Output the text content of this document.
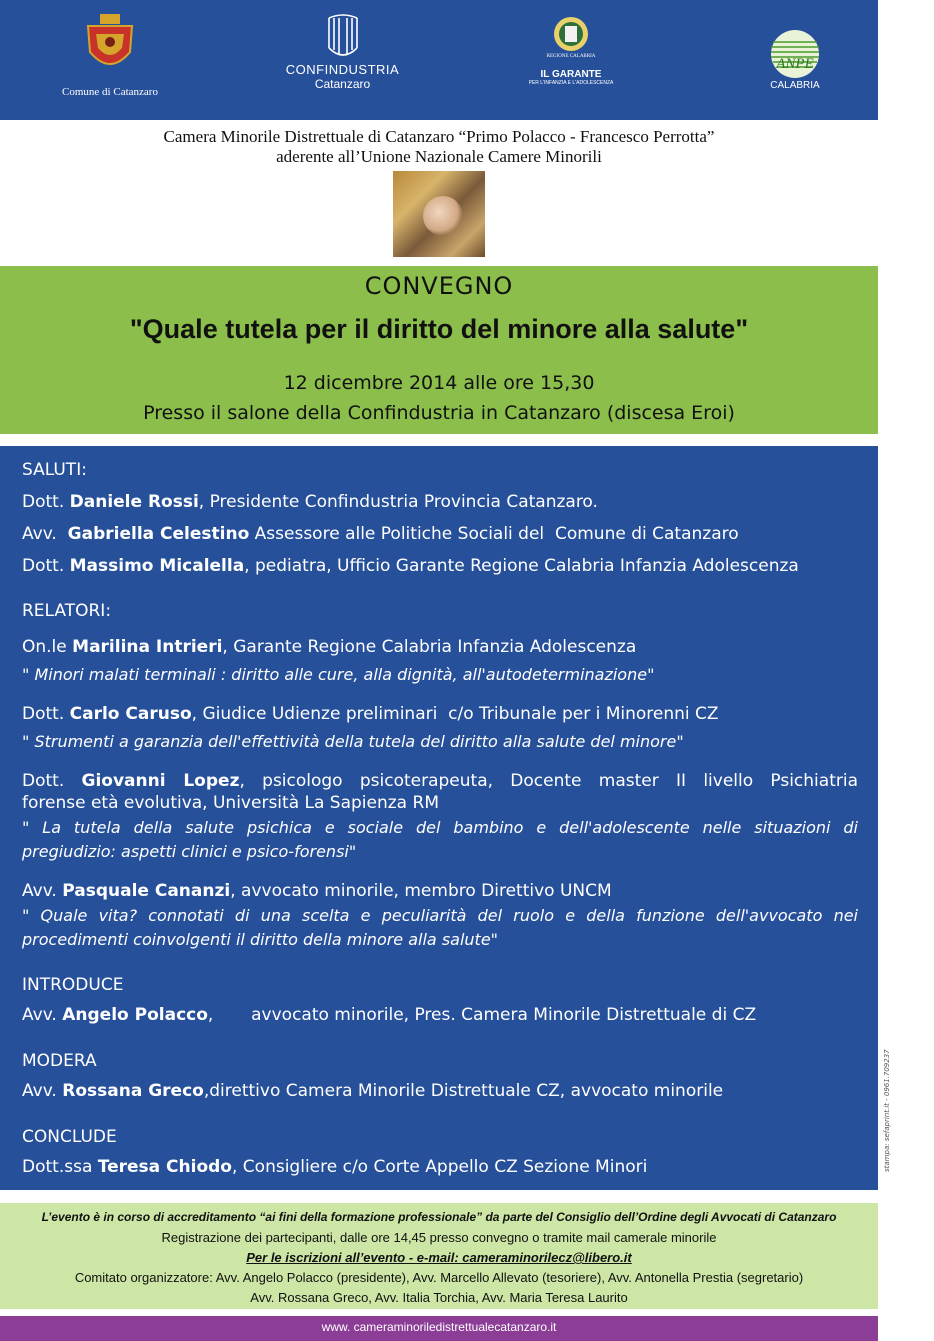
Comune di Catanzaro
CONFINDUSTRIA
Catanzaro
REGIONE CALABRIA
IL GARANTE
PER L'INFANZIA E L'ADOLESCENZA
ANPE
CALABRIA
Camera Minorile Distrettuale di Catanzaro “Primo Polacco - Francesco Perrotta”
aderente all’Unione Nazionale Camere Minorili
CONVEGNO
"Quale tutela per il diritto del minore alla salute"
12 dicembre 2014 alle ore 15,30
Presso il salone della Confindustria in Catanzaro (discesa Eroi)
SALUTI:
Dott. Daniele Rossi, Presidente Confindustria Provincia Catanzaro.
Avv.  Gabriella Celestino Assessore alle Politiche Sociali del  Comune di Catanzaro
Dott. Massimo Micalella, pediatra, Ufficio Garante Regione Calabria Infanzia Adolescenza
RELATORI:
On.le Marilina Intrieri, Garante Regione Calabria Infanzia Adolescenza
" Minori malati terminali : diritto alle cure, alla dignità, all'autodeterminazione"
Dott. Carlo Caruso, Giudice Udienze preliminari  c/o Tribunale per i Minorenni CZ
" Strumenti a garanzia dell'effettività della tutela del diritto alla salute del minore"
Dott. Giovanni Lopez, psicologo psicoterapeuta, Docente master II livello Psichiatria
forense età evolutiva, Università La Sapienza RM
" La tutela della salute psichica e sociale del bambino e dell'adolescente nelle situazioni di
pregiudizio: aspetti clinici e psico-forensi"
Avv. Pasquale Cananzi, avvocato minorile, membro Direttivo UNCM
" Quale vita? connotati di una scelta e peculiarità del ruolo e della funzione dell'avvocato nei
procedimenti coinvolgenti il diritto della minore alla salute"
INTRODUCE
Avv. Angelo Polacco,       avvocato minorile, Pres. Camera Minorile Distrettuale di CZ
MODERA
Avv. Rossana Greco,direttivo Camera Minorile Distrettuale CZ, avvocato minorile
CONCLUDE
Dott.ssa Teresa Chiodo, Consigliere c/o Corte Appello CZ Sezione Minori	stampa: sefaprint.it - 0961.709237
L’evento è in corso di accreditamento “ai fini della formazione professionale” da parte del Consiglio dell’Ordine degli Avvocati di Catanzaro
Registrazione dei partecipanti, dalle ore 14,45 presso convegno o tramite mail camerale minorile
Per le iscrizioni all’evento - e-mail: cameraminorilecz@libero.it
Comitato organizzatore: Avv. Angelo Polacco (presidente), Avv. Marcello Allevato (tesoriere), Avv. Antonella Prestia (segretario)
Avv. Rossana Greco, Avv. Italia Torchia, Avv. Maria Teresa Laurito
www. cameraminoriledistrettualecatanzaro.it
